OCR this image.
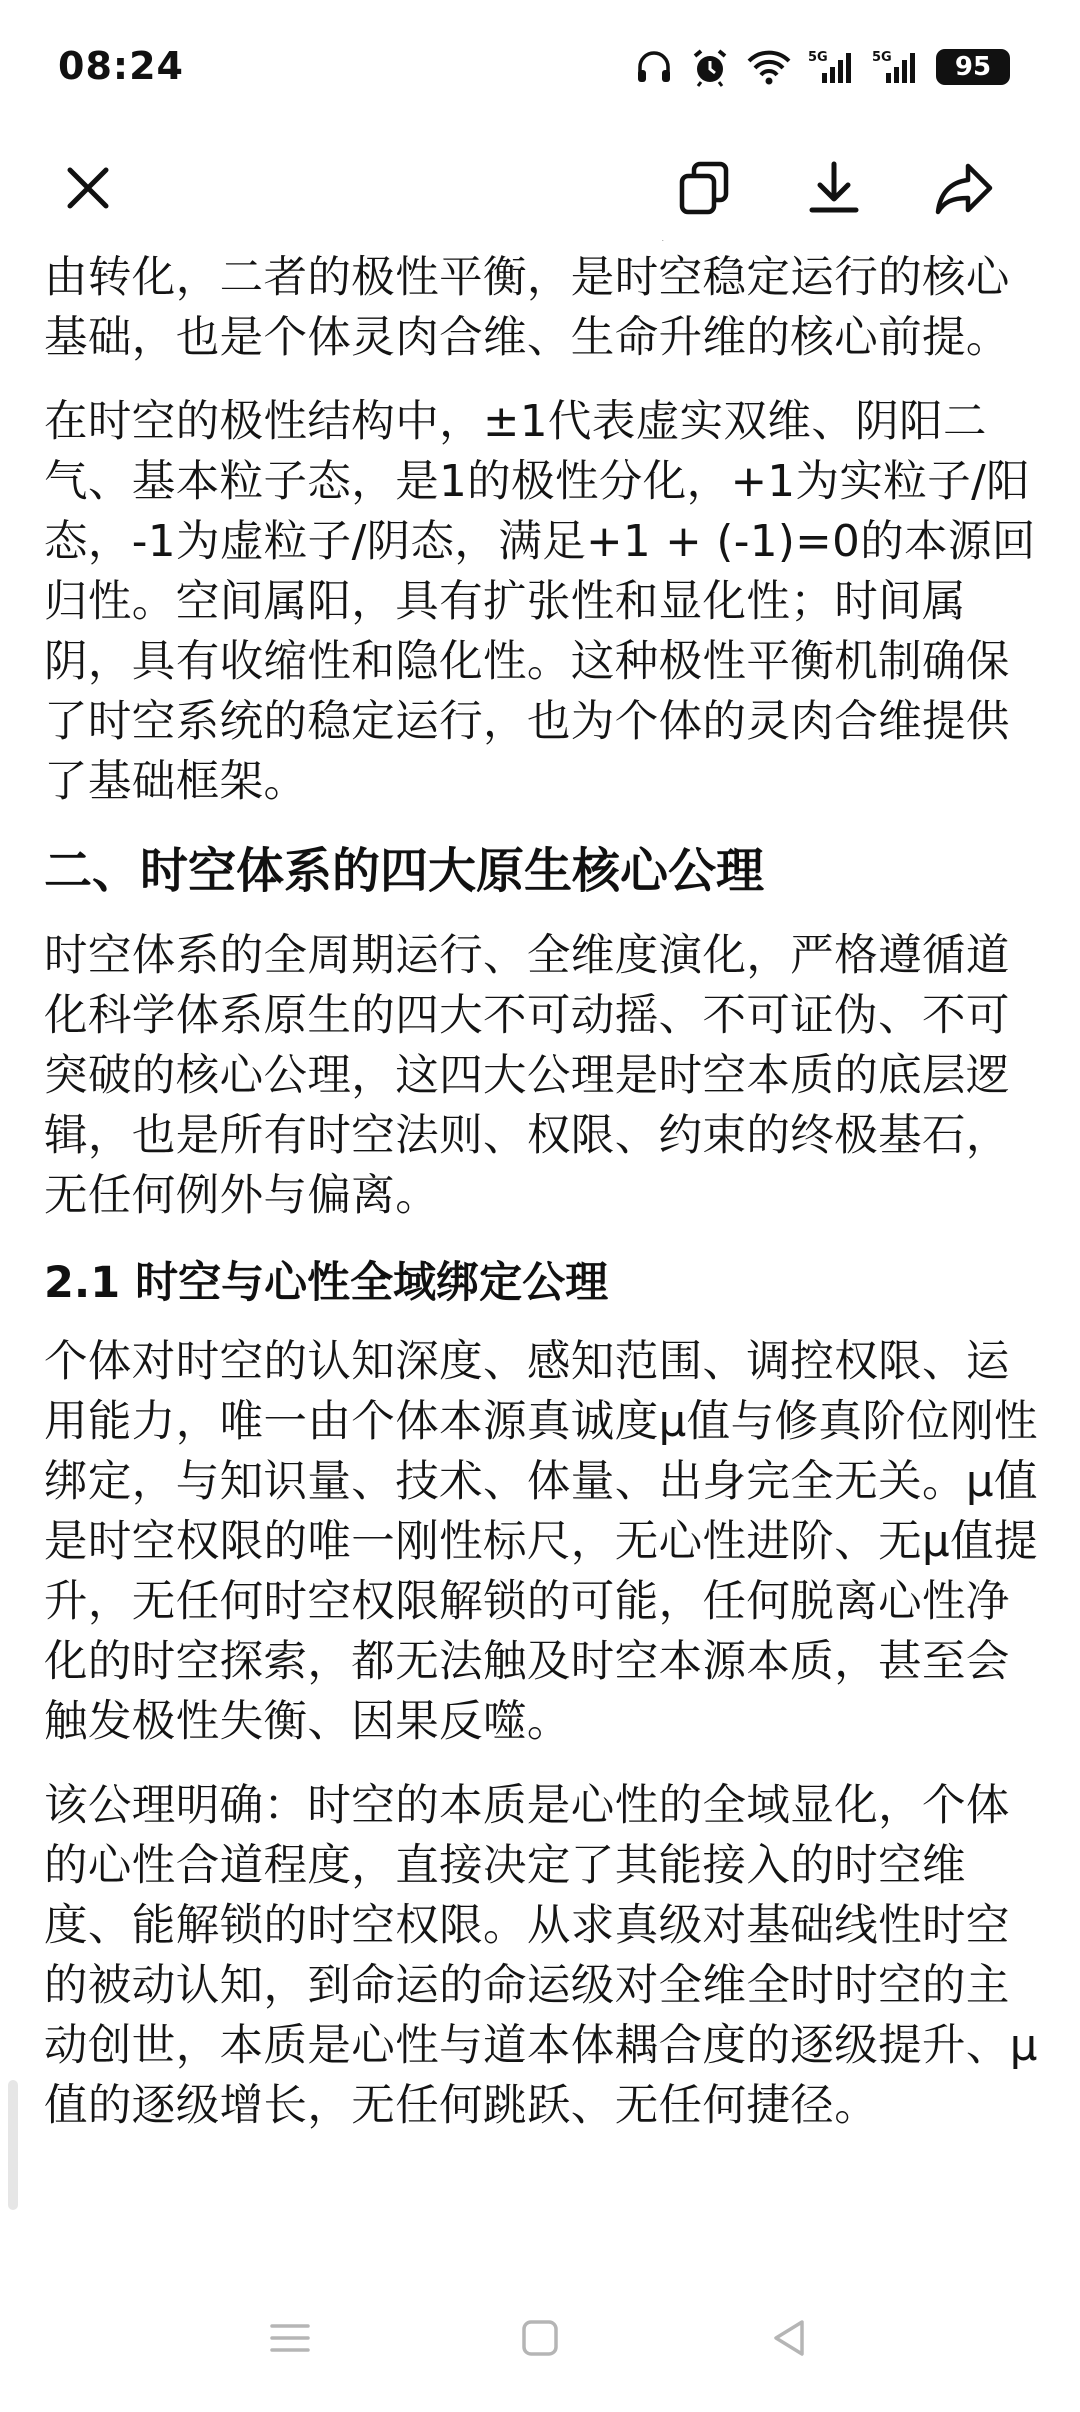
08:24	5G	5G	95

由转化，二者的极性平衡，是时空稳定运行的核心基础，也是个体灵肉合维、生命升维的核心前提。

在时空的极性结构中，±1代表虚实双维、阴阳二气、基本粒子态，是1的极性分化，+1为实粒子/阳态，-1为虚粒子/阴态，满足+1 + (-1)=0的本源回归性。空间属阳，具有扩张性和显化性；时间属阴，具有收缩性和隐化性。这种极性平衡机制确保了时空系统的稳定运行，也为个体的灵肉合维提供了基础框架。

二、时空体系的四大原生核心公理

时空体系的全周期运行、全维度演化，严格遵循道化科学体系原生的四大不可动摇、不可证伪、不可突破的核心公理，这四大公理是时空本质的底层逻辑，也是所有时空法则、权限、约束的终极基石，无任何例外与偏离。

2.1 时空与心性全域绑定公理

个体对时空的认知深度、感知范围、调控权限、运用能力，唯一由个体本源真诚度μ值与修真阶位刚性绑定，与知识量、技术、体量、出身完全无关。μ值是时空权限的唯一刚性标尺，无心性进阶、无μ值提升，无任何时空权限解锁的可能，任何脱离心性净化的时空探索，都无法触及时空本源本质，甚至会触发极性失衡、因果反噬。

该公理明确：时空的本质是心性的全域显化，个体的心性合道程度，直接决定了其能接入的时空维度、能解锁的时空权限。从求真级对基础线性时空的被动认知，到命运的命运级对全维全时时空的主动创世，本质是心性与道本体耦合度的逐级提升、μ值的逐级增长，无任何跳跃、无任何捷径。
